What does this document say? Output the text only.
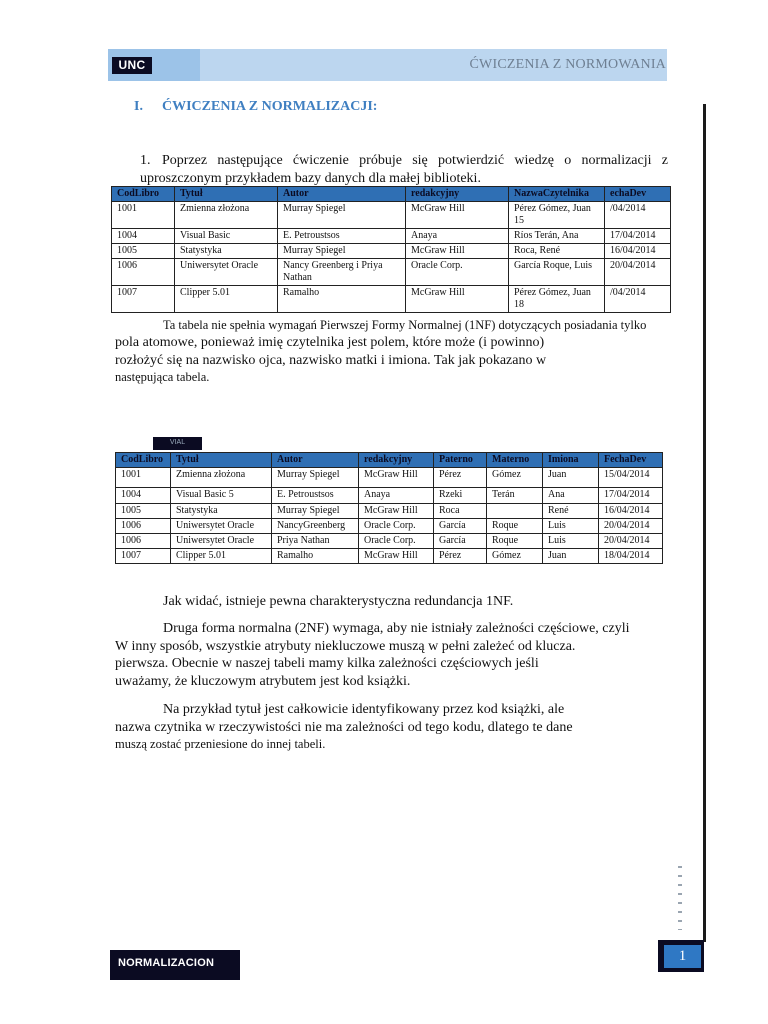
UNC	ĆWICZENIA Z NORMOWANIA
I. ĆWICZENIA Z NORMALIZACJI:
1. Poprzez następujące ćwiczenie próbuje się potwierdzić wiedzę o normalizacji z uproszczonym przykładem bazy danych dla małej biblioteki.
CodLibro	Tytuł	Autor	redakcyjny	NazwaCzytelnika	echaDev
1001	Zmienna złożona	Murray Spiegel	McGraw Hill	Pérez Gómez, Juan 15	/04/2014
1004	Visual Basic	E. Petroustsos	Anaya	Ríos Terán, Ana	17/04/2014
1005	Statystyka	Murray Spiegel	McGraw Hill	Roca, René	16/04/2014
1006	Uniwersytet Oracle	Nancy Greenberg i Priya Nathan	Oracle Corp.	García Roque, Luis	20/04/2014
1007	Clipper 5.01	Ramalho	McGraw Hill	Pérez Gómez, Juan 18	/04/2014
Ta tabela nie spełnia wymagań Pierwszej Formy Normalnej (1NF) dotyczących posiadania tylko
pola atomowe, ponieważ imię czytelnika jest polem, które może (i powinno)
rozłożyć się na nazwisko ojca, nazwisko matki i imiona. Tak jak pokazano w
następująca tabela.
VIAL
CodLibro	Tytuł	Autor	redakcyjny	Paterno	Materno	Imiona	FechaDev
1001	Zmienna złożona	Murray Spiegel	McGraw Hill	Pérez	Gómez	Juan	15/04/2014
1004	Visual Basic 5	E. Petroustsos	Anaya	Rzeki	Terán	Ana	17/04/2014
1005	Statystyka	Murray Spiegel	McGraw Hill	Roca		René	16/04/2014
1006	Uniwersytet Oracle	NancyGreenberg	Oracle Corp.	García	Roque	Luis	20/04/2014
1006	Uniwersytet Oracle	Priya Nathan	Oracle Corp.	García	Roque	Luis	20/04/2014
1007	Clipper 5.01	Ramalho	McGraw Hill	Pérez	Gómez	Juan	18/04/2014
Jak widać, istnieje pewna charakterystyczna redundancja 1NF.
Druga forma normalna (2NF) wymaga, aby nie istniały zależności częściowe, czyli
W inny sposób, wszystkie atrybuty niekluczowe muszą w pełni zależeć od klucza.
pierwsza. Obecnie w naszej tabeli mamy kilka zależności częściowych jeśli
uważamy, że kluczowym atrybutem jest kod książki.
Na przykład tytuł jest całkowicie identyfikowany przez kod książki, ale
nazwa czytnika w rzeczywistości nie ma zależności od tego kodu, dlatego te dane
muszą zostać przeniesione do innej tabeli.
NORMALIZACION	1
